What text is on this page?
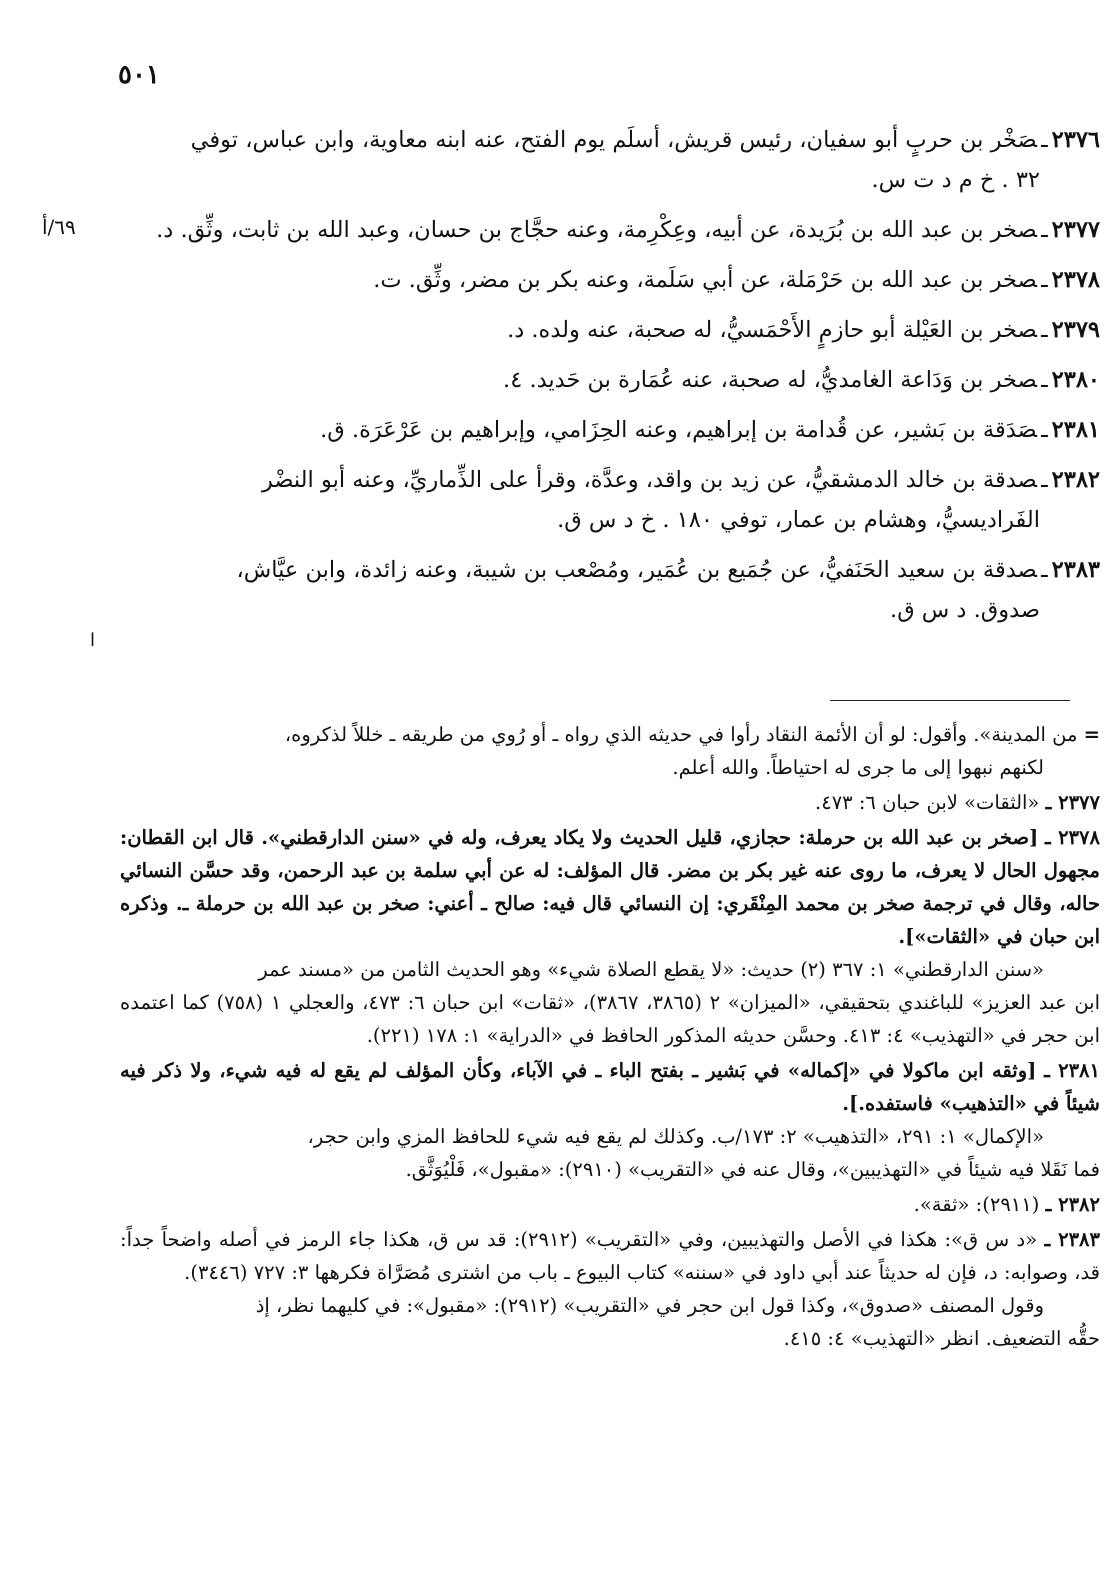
٥٠١
٦٩/أ
ا
٢٣٧٦ـصَخْر بن حربٍ أبو سفيان، رئيس قريش، أسلَم يوم الفتح، عنه ابنه معاوية، وابن عباس، توفي
٣٢ . خ م د ت س.
٢٣٧٧ـصخر بن عبد الله بن بُرَيدة، عن أبيه، وعِكْرِمة، وعنه حجَّاج بن حسان، وعبد الله بن ثابت، وثِّق. د.
٢٣٧٨ـصخر بن عبد الله بن حَرْمَلة، عن أبي سَلَمة، وعنه بكر بن مضر، وثِّق. ت.
٢٣٧٩ـصخر بن العَيْلة أبو حازمٍ الأَحْمَسيُّ، له صحبة، عنه ولده. د.
٢٣٨٠ـصخر بن وَدَاعة الغامديُّ، له صحبة، عنه عُمَارة بن حَديد. ٤.
٢٣٨١ـصَدَقة بن بَشير، عن قُدامة بن إبراهيم، وعنه الحِزَامي، وإبراهيم بن عَرْعَرَة. ق.
٢٣٨٢ـصدقة بن خالد الدمشقيُّ، عن زيد بن واقد، وعدَّة، وقرأ على الذِّماريِّ، وعنه أبو النضْر
الفَراديسيُّ، وهشام بن عمار، توفي ١٨٠ . خ د س ق.
٢٣٨٣ـصدقة بن سعيد الحَنَفيُّ، عن جُمَيع بن عُمَير، ومُصْعب بن شيبة، وعنه زائدة، وابن عيَّاش،
صدوق. د س ق.
= من المدينة». وأقول: لو أن الأئمة النقاد رأوا في حديثه الذي رواه ـ أو رُوي من طريقه ـ خللاً لذكروه،
لكنهم نبهوا إلى ما جرى له احتياطاً. والله أعلم.
٢٣٧٧ ـ «الثقات» لابن حبان ٦: ٤٧٣.
٢٣٧٨ ـ [صخر بن عبد الله بن حرملة: حجازي، قليل الحديث ولا يكاد يعرف، وله في «سنن الدارقطني». قال ابن القطان: مجهول الحال لا يعرف، ما روى عنه غير بكر بن مضر. قال المؤلف: له عن أبي سلمة بن عبد الرحمن، وقد حسَّن النسائي حاله، وقال في ترجمة صخر بن محمد المِنْقَري: إن النسائي قال فيه: صالح ـ أعني: صخر بن عبد الله بن حرملة ـ. وذكره ابن حبان في «الثقات»].
«سنن الدارقطني» ١: ٣٦٧ (٢) حديث: «لا يقطع الصلاة شيء» وهو الحديث الثامن من «مسند عمر
ابن عبد العزيز» للباغندي بتحقيقي، «الميزان» ٢ (٣٨٦٥، ٣٨٦٧)، «ثقات» ابن حبان ٦: ٤٧٣، والعجلي ١ (٧٥٨) كما اعتمده ابن حجر في «التهذيب» ٤: ٤١٣. وحسَّن حديثه المذكور الحافظ في «الدراية» ١: ١٧٨ (٢٢١).
٢٣٨١ ـ [وثقه ابن ماكولا في «إكماله» في بَشير ـ بفتح الباء ـ في الآباء، وكأن المؤلف لم يقع له فيه شيء، ولا ذكر فيه شيئاً في «التذهيب» فاستفده.].
«الإكمال» ١: ٢٩١، «التذهيب» ٢: ١٧٣/ب. وكذلك لم يقع فيه شيء للحافظ المزي وابن حجر،
فما نَقَلا فيه شيئاً في «التهذيبين»، وقال عنه في «التقريب» (٢٩١٠): «مقبول»، فَلْيُوَثَّق.
٢٣٨٢ ـ (٢٩١١): «ثقة».
٢٣٨٣ ـ «د س ق»: هكذا في الأصل والتهذيبين، وفي «التقريب» (٢٩١٢): قد س ق، هكذا جاء الرمز في أصله واضحاً جداً: قد، وصوابه: د، فإن له حديثاً عند أبي داود في «سننه» كتاب البيوع ـ باب من اشترى مُصَرَّاة فكرهها ٣: ٧٢٧ (٣٤٤٦).
وقول المصنف «صدوق»، وكذا قول ابن حجر في «التقريب» (٢٩١٢): «مقبول»: في كليهما نظر، إذ
حقُّه التضعيف. انظر «التهذيب» ٤: ٤١٥.
